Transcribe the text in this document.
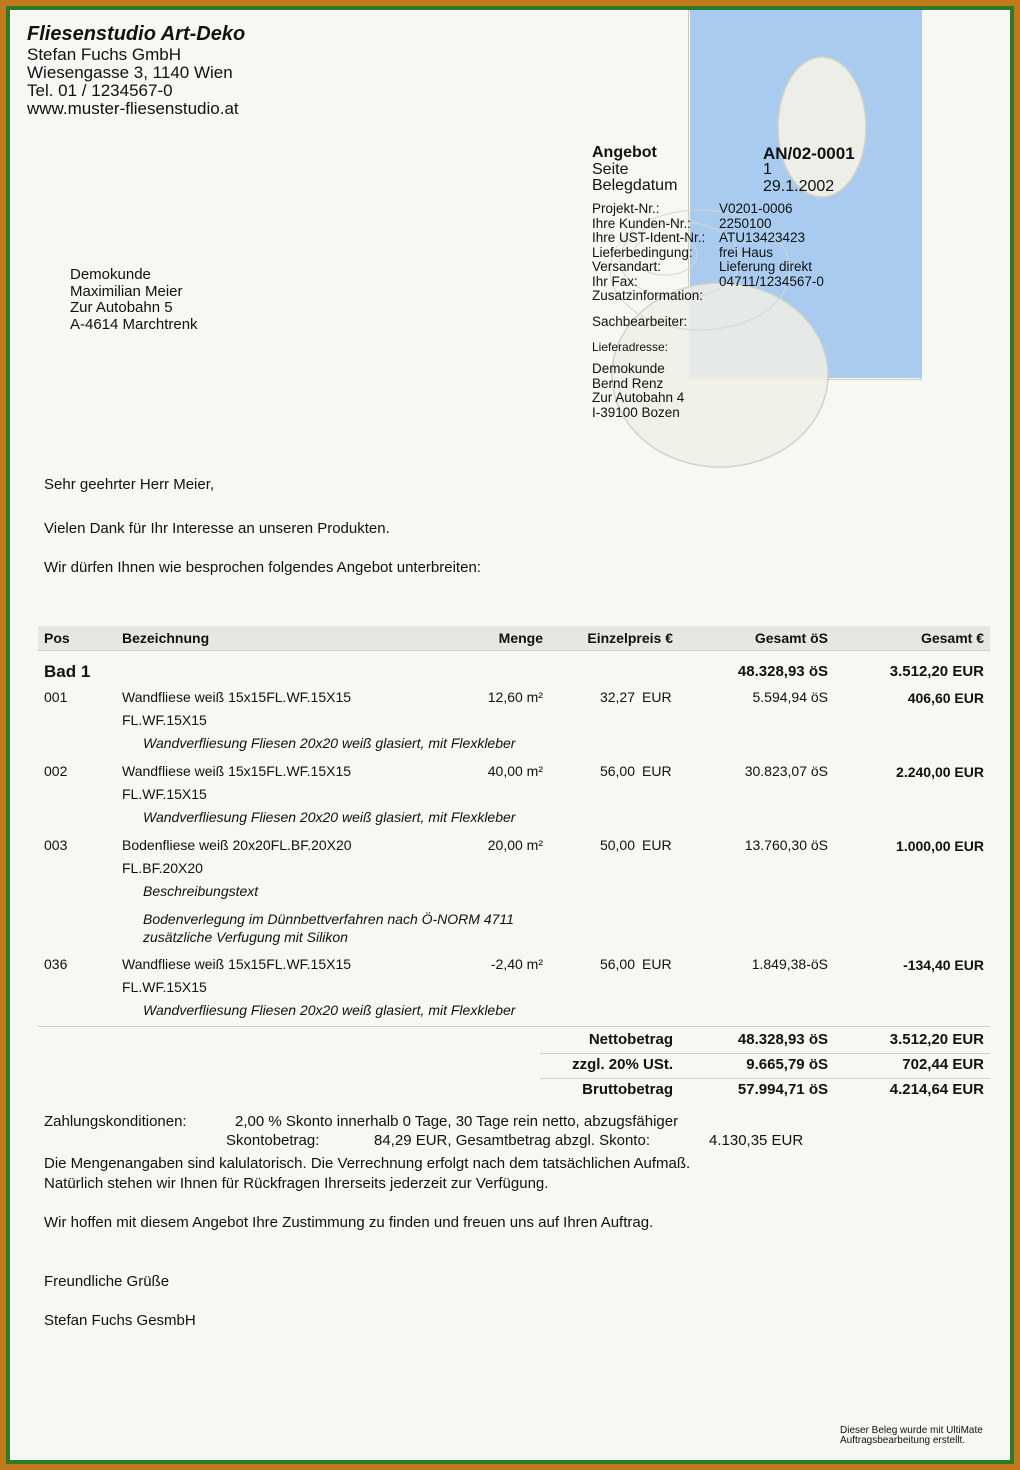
Fliesenstudio Art-Deko
Stefan Fuchs GmbH
Wiesengasse 3, 1140 Wien
Tel. 01 / 1234567-0
www.muster-fliesenstudio.at
Angebot	AN/02-0001
Seite	1
Belegdatum	29.1.2002
Projekt-Nr.:	V0201-0006
Ihre Kunden-Nr.: 2250100
Ihre UST-Ident-Nr.: ATU13423423
Lieferbedingung: frei Haus
Versandart:	Lieferung direkt
Ihr Fax:	04711/1234567-0
Zusatzinformation:
Sachbearbeiter:
Lieferadresse:
Demokunde
Bernd Renz
Zur Autobahn 4
I-39100 Bozen
Demokunde
Maximilian Meier
Zur Autobahn 5
A-4614 Marchtrenk
Sehr geehrter Herr Meier,
Vielen Dank für Ihr Interesse an unseren Produkten.
Wir dürfen Ihnen wie besprochen folgendes Angebot unterbreiten:
Pos	Bezeichnung	Menge	Einzelpreis €	Gesamt öS	Gesamt €
Bad 1	48.328,93 öS	3.512,20 EUR
001	Wandfliese weiß 15x15FL.WF.15X15	12,60 m²	32,27 EUR	5.594,94 öS	406,60 EUR
FL.WF.15X15
Wandverfliesung Fliesen 20x20 weiß glasiert, mit Flexkleber
002	Wandfliese weiß 15x15FL.WF.15X15	40,00 m²	56,00 EUR	30.823,07 öS	2.240,00 EUR
FL.WF.15X15
Wandverfliesung Fliesen 20x20 weiß glasiert, mit Flexkleber
003	Bodenfliese weiß 20x20FL.BF.20X20	20,00 m²	50,00 EUR	13.760,30 öS	1.000,00 EUR
FL.BF.20X20
Beschreibungstext
Bodenverlegung im Dünnbettverfahren nach Ö-NORM 4711
zusätzliche Verfugung mit Silikon
036	Wandfliese weiß 15x15FL.WF.15X15	-2,40 m²	56,00 EUR	1.849,38-öS	-134,40 EUR
FL.WF.15X15
Wandverfliesung Fliesen 20x20 weiß glasiert, mit Flexkleber
Nettobetrag	48.328,93 öS	3.512,20 EUR
zzgl. 20% USt.	9.665,79 öS	702,44 EUR
Bruttobetrag	57.994,71 öS	4.214,64 EUR
Zahlungskonditionen:	2,00 % Skonto innerhalb 0 Tage, 30 Tage rein netto, abzugsfähiger
Skontobetrag:	84,29 EUR, Gesamtbetrag abzgl. Skonto:	4.130,35 EUR
Die Mengenangaben sind kalulatorisch. Die Verrechnung erfolgt nach dem tatsächlichen Aufmaß.
Natürlich stehen wir Ihnen für Rückfragen Ihrerseits jederzeit zur Verfügung.
Wir hoffen mit diesem Angebot Ihre Zustimmung zu finden und freuen uns auf Ihren Auftrag.
Freundliche Grüße
Stefan Fuchs GesmbH
Dieser Beleg wurde mit UltiMate Auftragsbearbeitung erstellt.
